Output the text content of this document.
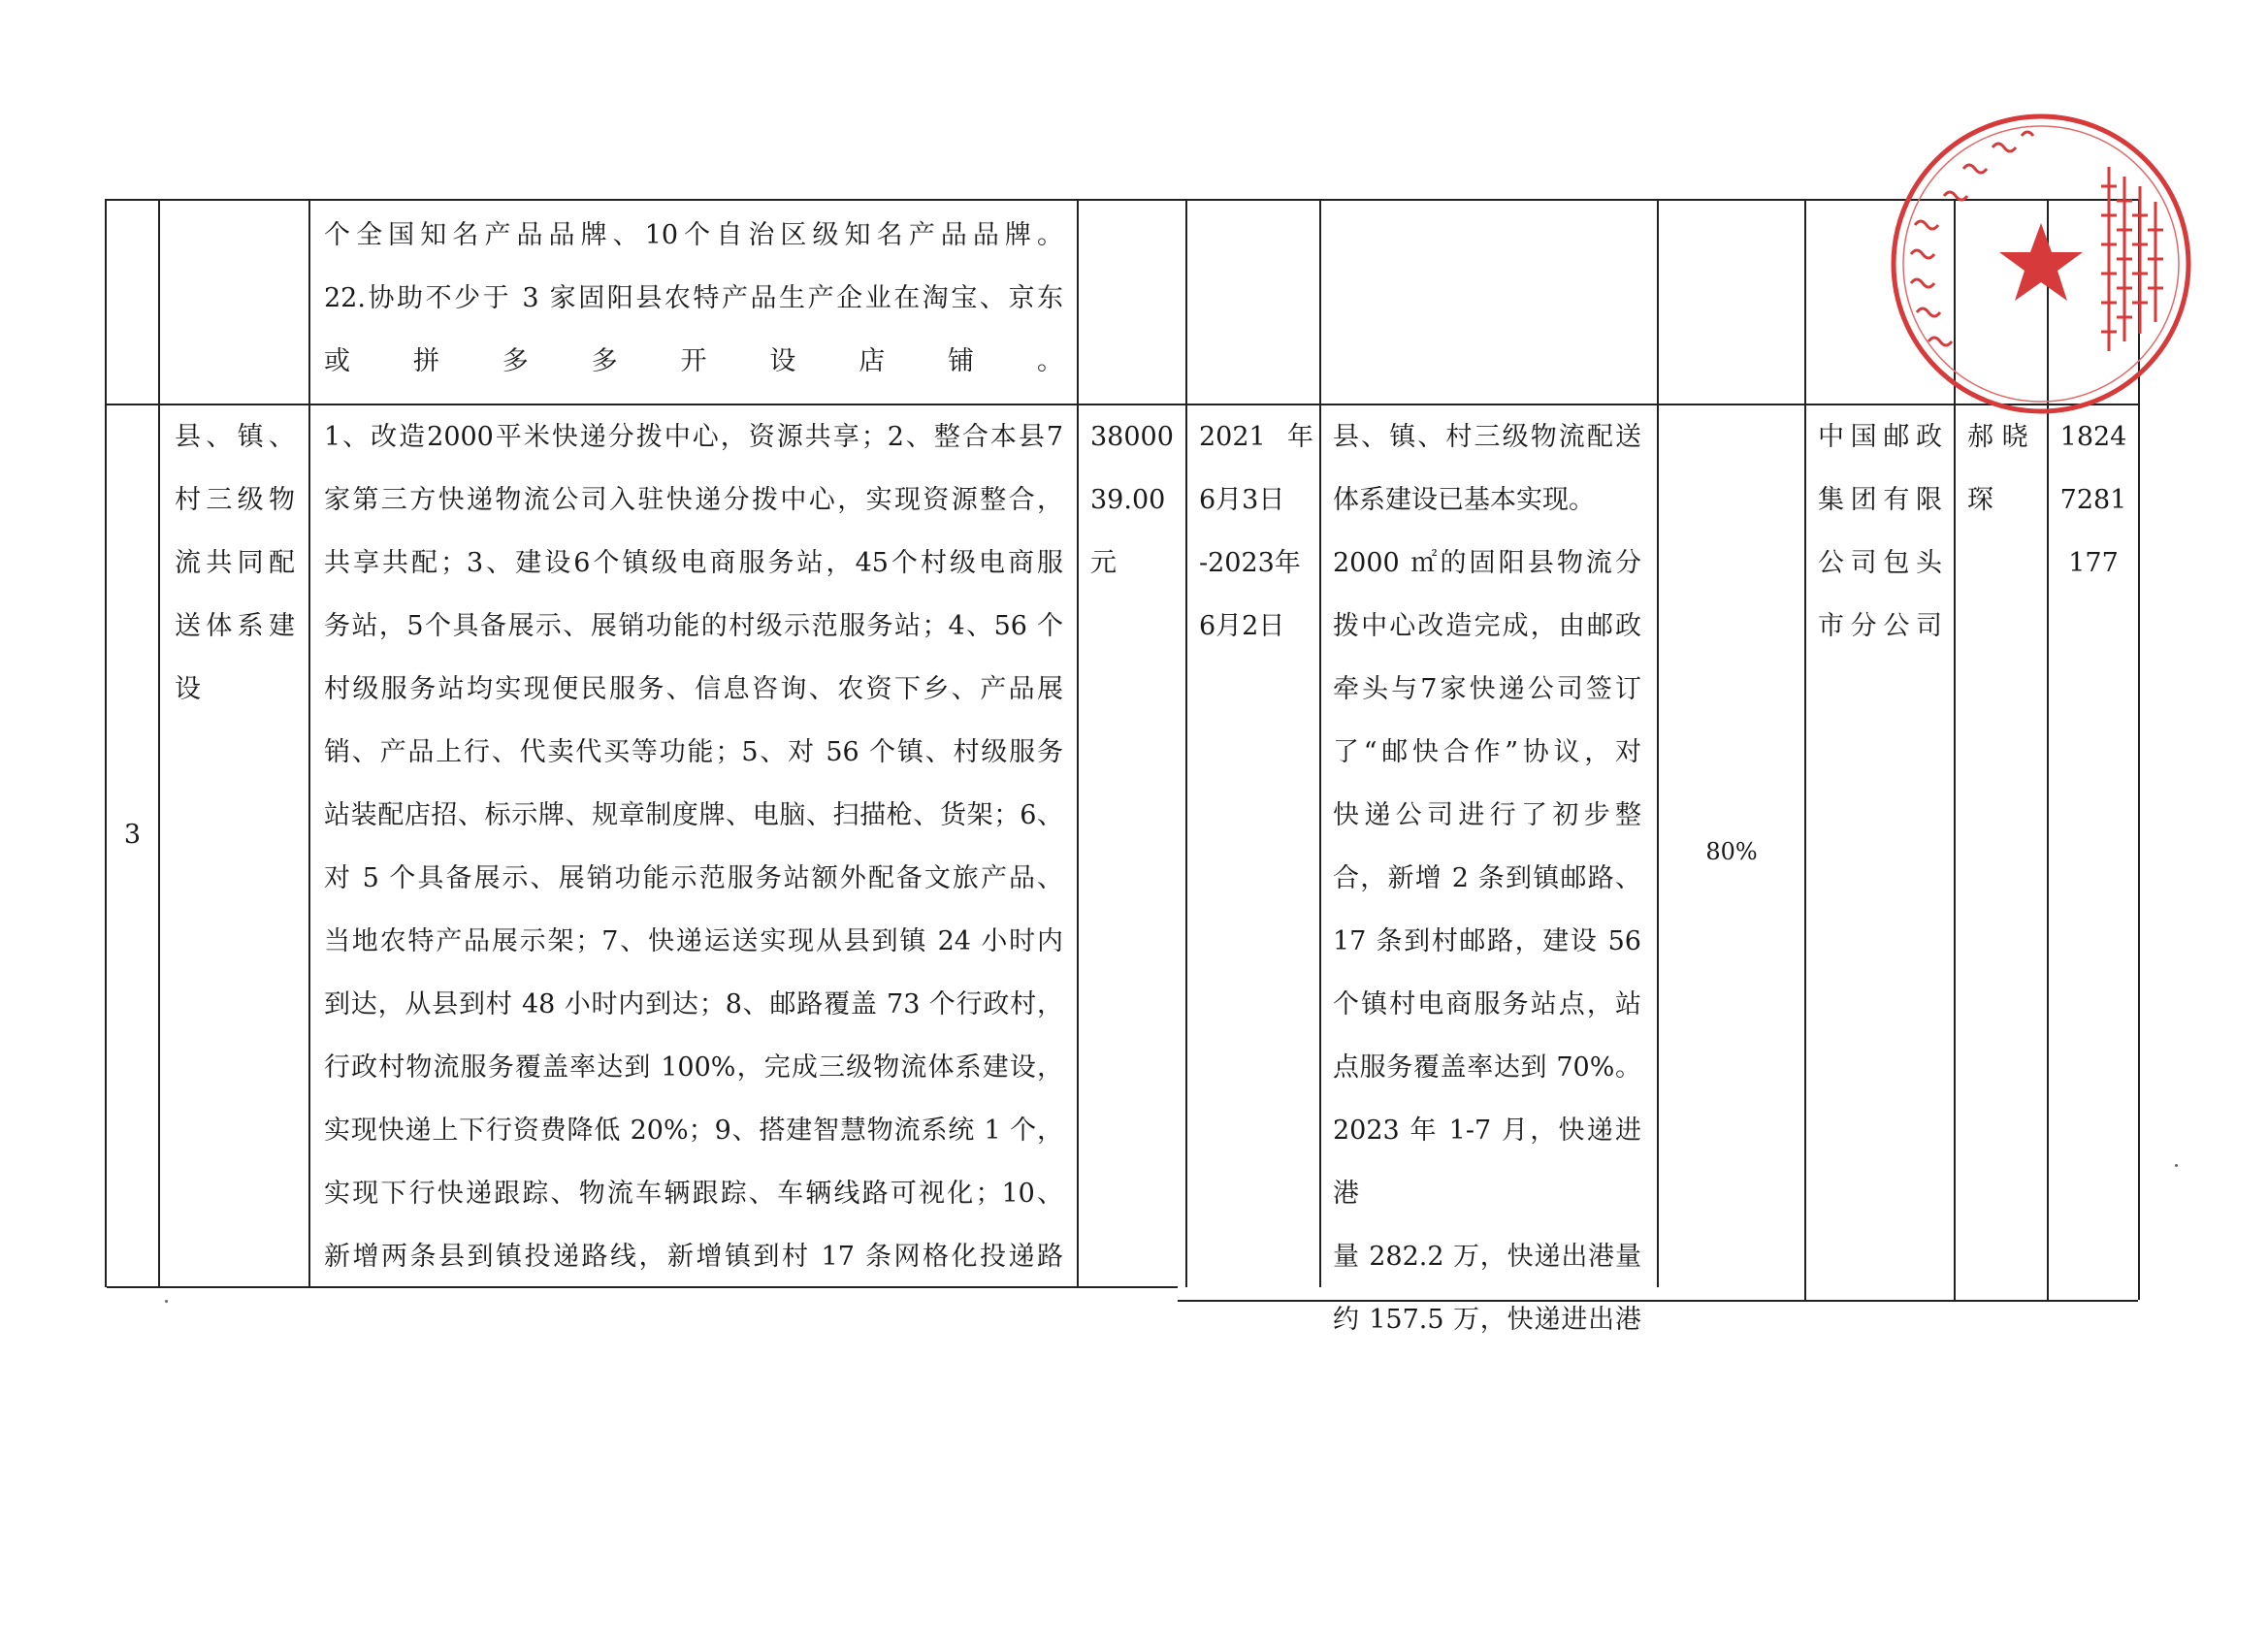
个全国知名产品品牌、10个自治区级知名产品品牌。

22.协助不少于 3 家固阳县农特产品生产企业在淘宝、京东

或拼多多开设店铺。

3

县、镇、

村三级物

流共同配

送体系建

设

1、改造2000平米快递分拨中心，资源共享；2、整合本县7

家第三方快递物流公司入驻快递分拨中心，实现资源整合，

共享共配；3、建设6个镇级电商服务站，45个村级电商服

务站，5个具备展示、展销功能的村级示范服务站；4、56 个

村级服务站均实现便民服务、信息咨询、农资下乡、产品展

销、产品上行、代卖代买等功能；5、对 56 个镇、村级服务

站装配店招、标示牌、规章制度牌、电脑、扫描枪、货架；6、

对 5 个具备展示、展销功能示范服务站额外配备文旅产品、

当地农特产品展示架；7、快递运送实现从县到镇 24 小时内

到达，从县到村 48 小时内到达；8、邮路覆盖 73 个行政村，

行政村物流服务覆盖率达到 100%，完成三级物流体系建设，

实现快递上下行资费降低 20%；9、搭建智慧物流系统 1 个，

实现下行快递跟踪、物流车辆跟踪、车辆线路可视化；10、

新增两条县到镇投递路线，新增镇到村 17 条网格化投递路

38000

39.00

元

2021 年

6月3日

-2023年

6月2日

县、镇、村三级物流配送

体系建设已基本实现。

2000 ㎡的固阳县物流分

拨中心改造完成，由邮政

牵头与7家快递公司签订

了“邮快合作”协议，对

快递公司进行了初步整

合，新增 2 条到镇邮路、

17 条到村邮路，建设 56

个镇村电商服务站点，站

点服务覆盖率达到 70%。

2023 年 1-7 月，快递进港

量 282.2 万，快递出港量

约 157.5 万，快递进出港

80%

中国邮政

集团有限

公司包头

市分公司

郝 晓

琛

1824

7281

177
